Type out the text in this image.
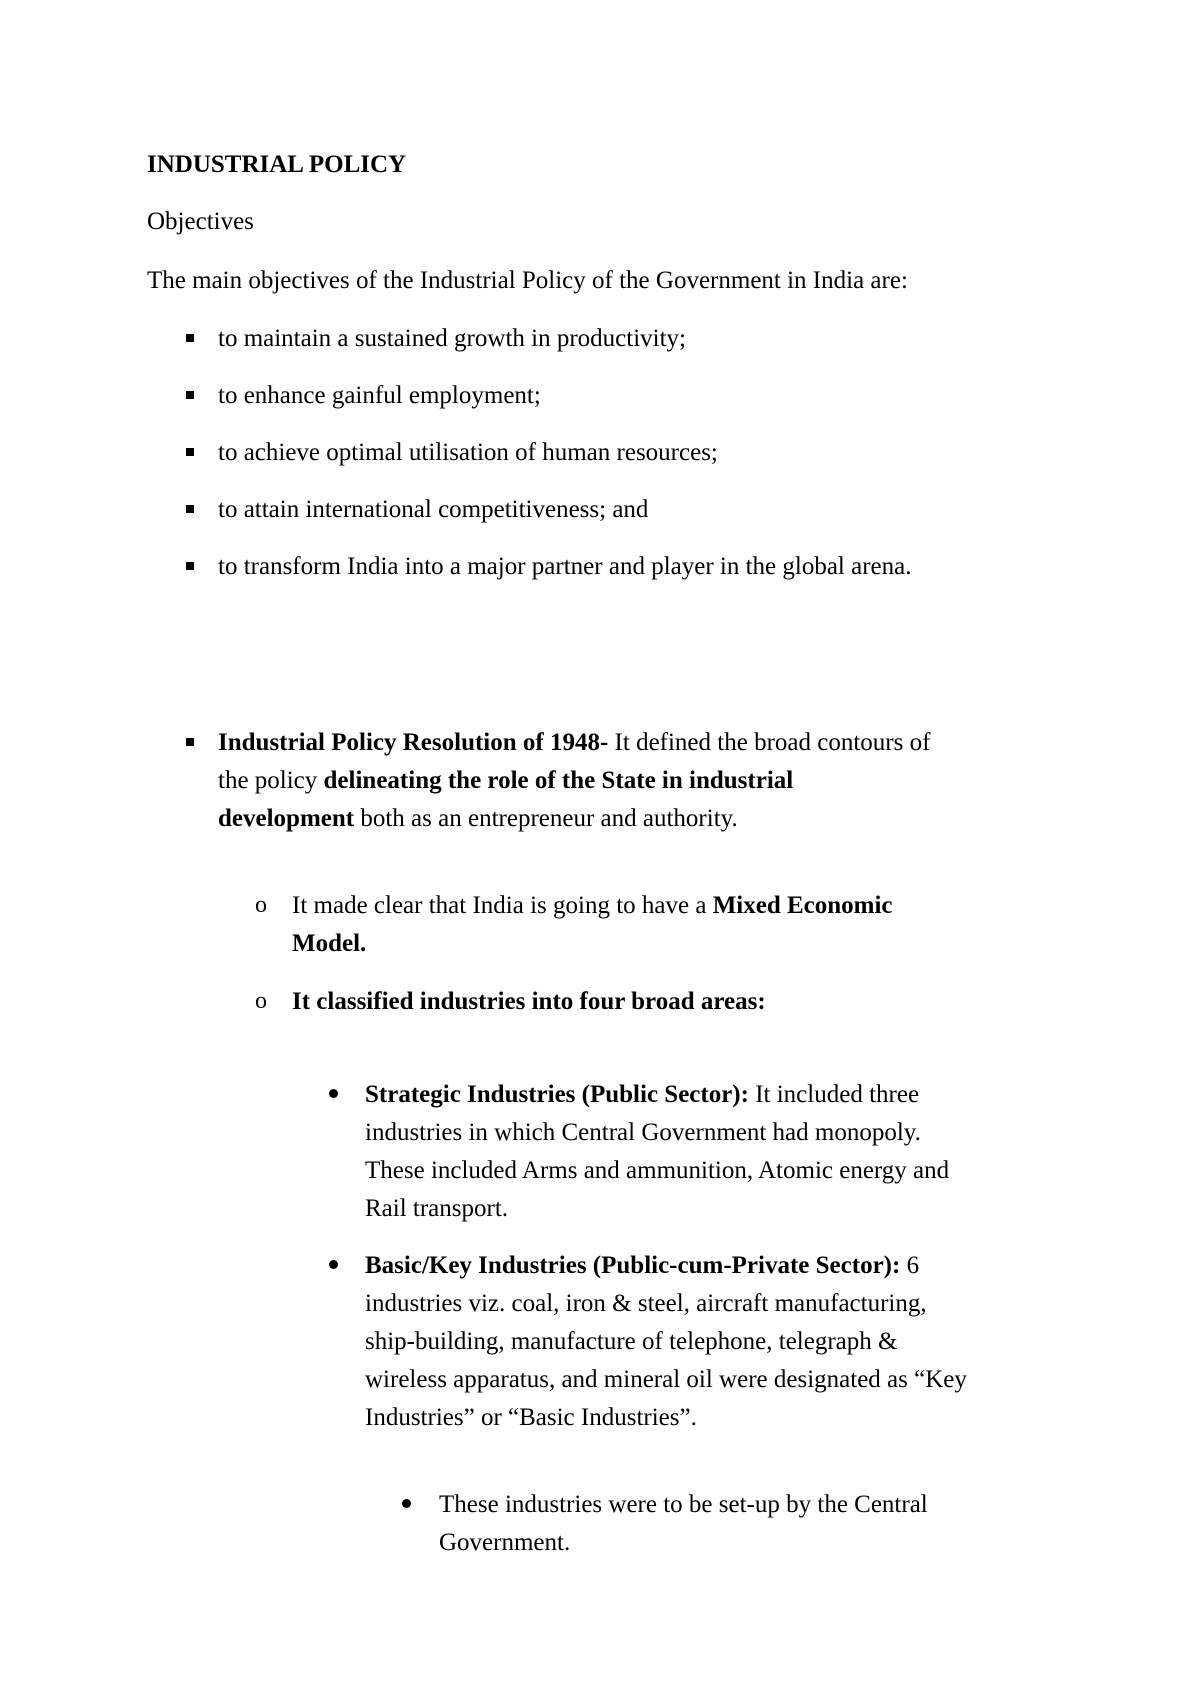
INDUSTRIAL POLICY
Objectives
The main objectives of the Industrial Policy of the Government in India are:
to maintain a sustained growth in productivity;
to enhance gainful employment;
to achieve optimal utilisation of human resources;
to attain international competitiveness; and
to transform India into a major partner and player in the global arena.
Industrial Policy Resolution of 1948- It defined the broad contours of
the policy delineating the role of the State in industrial
development both as an entrepreneur and authority.
o It made clear that India is going to have a Mixed Economic
Model.
o It classified industries into four broad areas:
Strategic Industries (Public Sector): It included three
industries in which Central Government had monopoly.
These included Arms and ammunition, Atomic energy and
Rail transport.
Basic/Key Industries (Public-cum-Private Sector): 6
industries viz. coal, iron & steel, aircraft manufacturing,
ship-building, manufacture of telephone, telegraph &
wireless apparatus, and mineral oil were designated as “Key
Industries” or “Basic Industries”.
These industries were to be set-up by the Central
Government.
